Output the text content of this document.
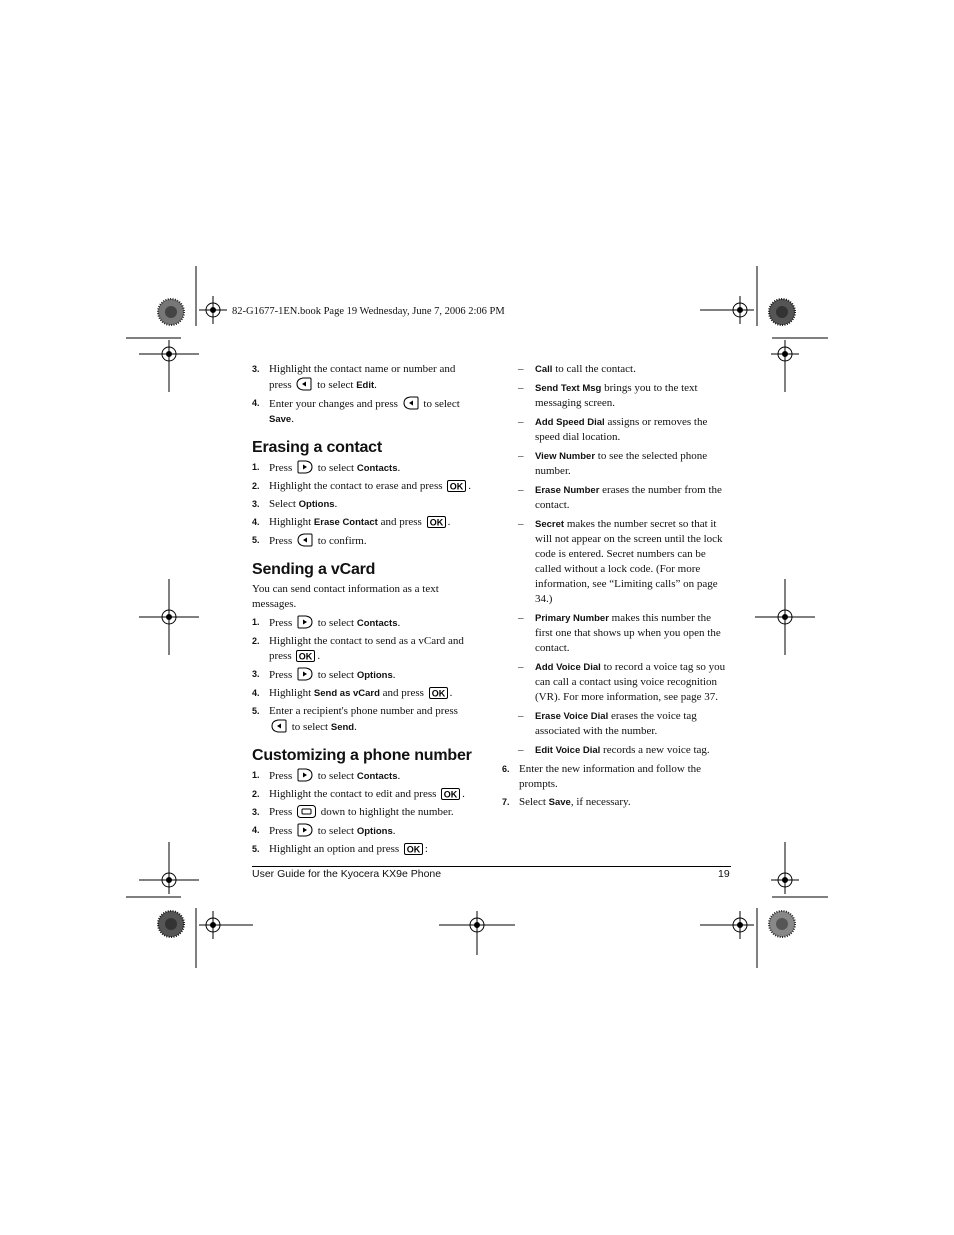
82-G1677-1EN.book Page 19 Wednesday, June 7, 2006 2:06 PM
3. Highlight the contact name or number and press  to select Edit.
4. Enter your changes and press  to select Save.
Erasing a contact
1. Press  to select Contacts.
2. Highlight the contact to erase and press OK .
3. Select Options.
4. Highlight Erase Contact and press OK .
5. Press  to confirm.
Sending a vCard
You can send contact information as a text messages.
1. Press  to select Contacts.
2. Highlight the contact to send as a vCard and press OK .
3. Press  to select Options.
4. Highlight Send as vCard and press OK .
5. Enter a recipient's phone number and press  to select Send.
Customizing a phone number
1. Press  to select Contacts.
2. Highlight the contact to edit and press OK .
3. Press  down to highlight the number.
4. Press  to select Options.
5. Highlight an option and press OK :
– Call to call the contact.
– Send Text Msg brings you to the text messaging screen.
– Add Speed Dial assigns or removes the speed dial location.
– View Number to see the selected phone number.
– Erase Number erases the number from the contact.
– Secret makes the number secret so that it will not appear on the screen until the lock code is entered. Secret numbers can be called without a lock code. (For more information, see “Limiting calls” on page 34.)
– Primary Number makes this number the first one that shows up when you open the contact.
– Add Voice Dial to record a voice tag so you can call a contact using voice recognition (VR). For more information, see page 37.
– Erase Voice Dial erases the voice tag associated with the number.
– Edit Voice Dial records a new voice tag.
6. Enter the new information and follow the prompts.
7. Select Save, if necessary.
User Guide for the Kyocera KX9e Phone	19
